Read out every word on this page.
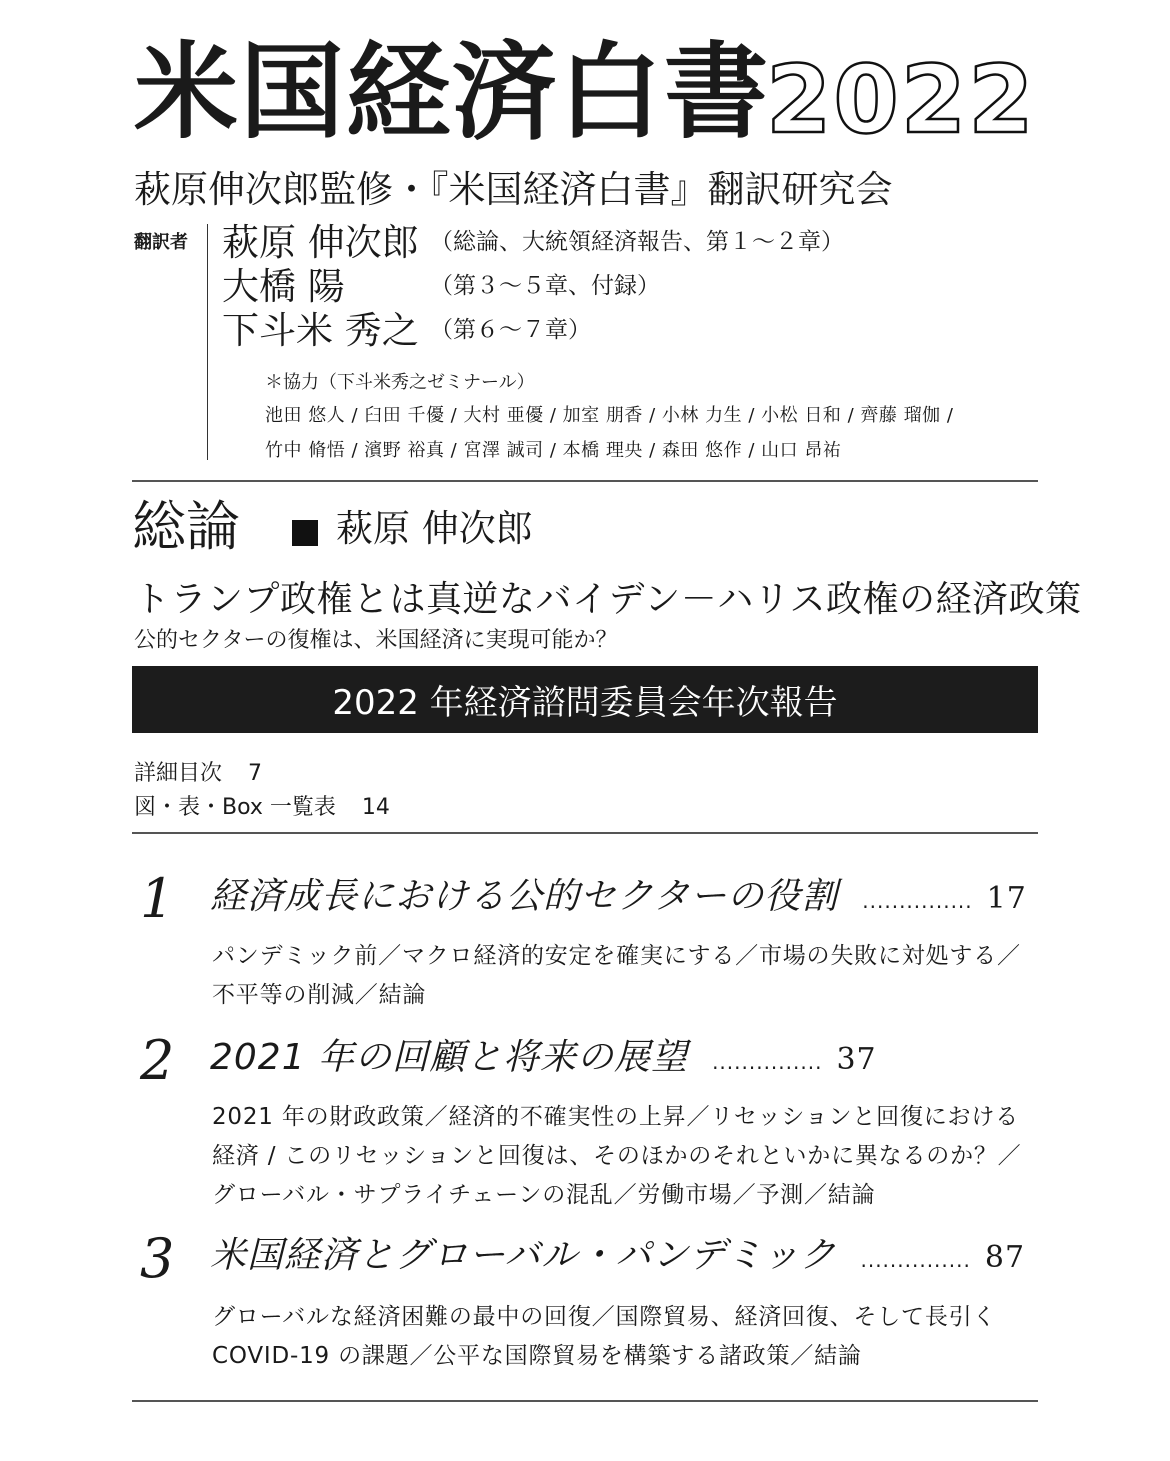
米国経済白書
2022
萩原伸次郎監修・『米国経済白書』翻訳研究会
翻訳者 萩原 伸次郎 （総論、大統領経済報告、第１～２章）
大橋 陽	（第３～５章、付録）
下斗米 秀之 （第６～７章）
＊協力（下斗米秀之ゼミナール）
池田 悠人 / 臼田 千優 / 大村 亜優 / 加室 朋香 / 小林 力生 / 小松 日和 / 齊藤 瑠伽 /
竹中 脩悟 / 濱野 裕真 / 宮澤 誠司 / 本橋 理央 / 森田 悠作 / 山口 昂祐
総論	萩原 伸次郎
トランプ政権とは真逆なバイデン－ハリス政権の経済政策
公的セクターの復権は、米国経済に実現可能か？
2022 年経済諮問委員会年次報告
詳細目次 7
図・表・Box 一覧表 14
1 経済成長における公的セクターの役割 ............... 17
パンデミック前／マクロ経済的安定を確実にする／市場の失敗に対処する／不平等の削減／結論
2 2021 年の回顧と将来の展望 ............... 37
2021 年の財政政策／経済的不確実性の上昇／リセッションと回復における経済 / このリセッションと回復は、そのほかのそれといかに異なるのか？／グローバル・サプライチェーンの混乱／労働市場／予測／結論
3 米国経済とグローバル・パンデミック ............... 87
グローバルな経済困難の最中の回復／国際貿易、経済回復、そして長引く COVID-19 の課題／公平な国際貿易を構築する諸政策／結論
